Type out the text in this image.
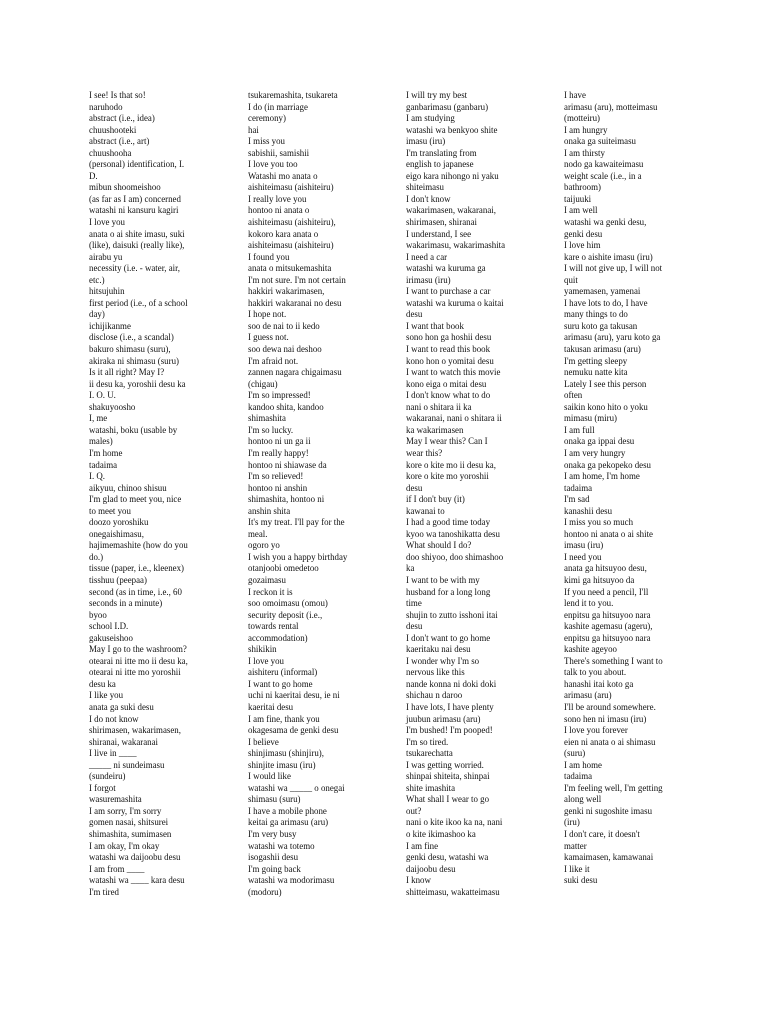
I see! Is that so!
naruhodo
abstract (i.e., idea)
chuushooteki
abstract (i.e., art)
chuushooha
(personal) identification, I.
D.
mibun shoomeishoo
(as far as I am) concerned
watashi ni kansuru kagiri
I love you
anata o ai shite imasu, suki
(like), daisuki (really like),
airabu yu
necessity (i.e. - water, air,
etc.)
hitsujuhin
first period (i.e., of a school
day)
ichijikanme
disclose (i.e., a scandal)
bakuro shimasu (suru),
akiraka ni shimasu (suru)
Is it all right? May I?
ii desu ka, yoroshii desu ka
I. O. U.
shakuyoosho
I, me
watashi, boku (usable by
males)
I'm home
tadaima
I. Q.
aikyuu, chinoo shisuu
I'm glad to meet you, nice
to meet you
doozo yoroshiku
onegaishimasu,
hajimemashite (how do you
do.)
tissue (paper, i.e., kleenex)
tisshuu (peepaa)
second (as in time, i.e., 60
seconds in a minute)
byoo
school I.D.
gakuseishoo
May I go to the washroom?
otearai ni itte mo ii desu ka,
otearai ni itte mo yoroshii
desu ka
I like you
anata ga suki desu
I do not know
shirimasen, wakarimasen,
shiranai, wakaranai
I live in ____
_____ ni sundeimasu
(sundeiru)
I forgot
wasuremashita
I am sorry, I'm sorry
gomen nasai, shitsurei
shimashita, sumimasen
I am okay, I'm okay
watashi wa daijoobu desu
I am from ____
watashi wa ____ kara desu
I'm tired
tsukaremashita, tsukareta
I do (in marriage
ceremony)
hai
I miss you
sabishii, samishii
I love you too
Watashi mo anata o
aishiteimasu (aishiteiru)
I really love you
hontoo ni anata o
aishiteimasu (aishiteiru),
kokoro kara anata o
aishiteimasu (aishiteiru)
I found you
anata o mitsukemashita
I'm not sure. I'm not certain
hakkiri wakarimasen,
hakkiri wakaranai no desu
I hope not.
soo de nai to ii kedo
I guess not.
soo dewa nai deshoo
I'm afraid not.
zannen nagara chigaimasu
(chigau)
I'm so impressed!
kandoo shita, kandoo
shimashita
I'm so lucky.
hontoo ni un ga ii
I'm really happy!
hontoo ni shiawase da
I'm so relieved!
hontoo ni anshin
shimashita, hontoo ni
anshin shita
It's my treat. I'll pay for the
meal.
ogoro yo
I wish you a happy birthday
otanjoobi omedetoo
gozaimasu
I reckon it is
soo omoimasu (omou)
security deposit (i.e.,
towards rental
accommodation)
shikikin
I love you
aishiteru (informal)
I want to go home
uchi ni kaeritai desu, ie ni
kaeritai desu
I am fine, thank you
okagesama de genki desu
I believe
shinjimasu (shinjiru),
shinjite imasu (iru)
I would like
watashi wa _____ o onegai
shimasu (suru)
I have a mobile phone
keitai ga arimasu (aru)
I'm very busy
watashi wa totemo
isogashii desu
I'm going back
watashi wa modorimasu
(modoru)
I will try my best
ganbarimasu (ganbaru)
I am studying
watashi wa benkyoo shite
imasu (iru)
I'm translating from
english to japanese
eigo kara nihongo ni yaku
shiteimasu
I don't know
wakarimasen, wakaranai,
shirimasen, shiranai
I understand, I see
wakarimasu, wakarimashita
I need a car
watashi wa kuruma ga
irimasu (iru)
I want to purchase a car
watashi wa kuruma o kaitai
desu
I want that book
sono hon ga hoshii desu
I want to read this book
kono hon o yomitai desu
I want to watch this movie
kono eiga o mitai desu
I don't know what to do
nani o shitara ii ka
wakaranai, nani o shitara ii
ka wakarimasen
May I wear this? Can I
wear this?
kore o kite mo ii desu ka,
kore o kite mo yoroshii
desu
if I don't buy (it)
kawanai to
I had a good time today
kyoo wa tanoshikatta desu
What should I do?
doo shiyoo, doo shimashoo
ka
I want to be with my
husband for a long long
time
shujin to zutto isshoni itai
desu
I don't want to go home
kaeritaku nai desu
I wonder why I'm so
nervous like this
nande konna ni doki doki
shichau n daroo
I have lots, I have plenty
juubun arimasu (aru)
I'm bushed! I'm pooped!
I'm so tired.
tsukarechatta
I was getting worried.
shinpai shiteita, shinpai
shite imashita
What shall I wear to go
out?
nani o kite ikoo ka na, nani
o kite ikimashoo ka
I am fine
genki desu, watashi wa
daijoobu desu
I know
shitteimasu, wakatteimasu
I have
arimasu (aru), motteimasu
(motteiru)
I am hungry
onaka ga suiteimasu
I am thirsty
nodo ga kawaiteimasu
weight scale (i.e., in a
bathroom)
taijuuki
I am well
watashi wa genki desu,
genki desu
I love him
kare o aishite imasu (iru)
I will not give up, I will not
quit
yamemasen, yamenai
I have lots to do, I have
many things to do
suru koto ga takusan
arimasu (aru), yaru koto ga
takusan arimasu (aru)
I'm getting sleepy
nemuku natte kita
Lately I see this person
often
saikin kono hito o yoku
mimasu (miru)
I am full
onaka ga ippai desu
I am very hungry
onaka ga pekopeko desu
I am home, I'm home
tadaima
I'm sad
kanashii desu
I miss you so much
hontoo ni anata o ai shite
imasu (iru)
I need you
anata ga hitsuyoo desu,
kimi ga hitsuyoo da
If you need a pencil, I'll
lend it to you.
enpitsu ga hitsuyoo nara
kashite agemasu (ageru),
enpitsu ga hitsuyoo nara
kashite ageyoo
There's something I want to
talk to you about.
hanashi itai koto ga
arimasu (aru)
I'll be around somewhere.
sono hen ni imasu (iru)
I love you forever
eien ni anata o ai shimasu
(suru)
I am home
tadaima
I'm feeling well, I'm getting
along well
genki ni sugoshite imasu
(iru)
I don't care, it doesn't
matter
kamaimasen, kamawanai
I like it
suki desu
